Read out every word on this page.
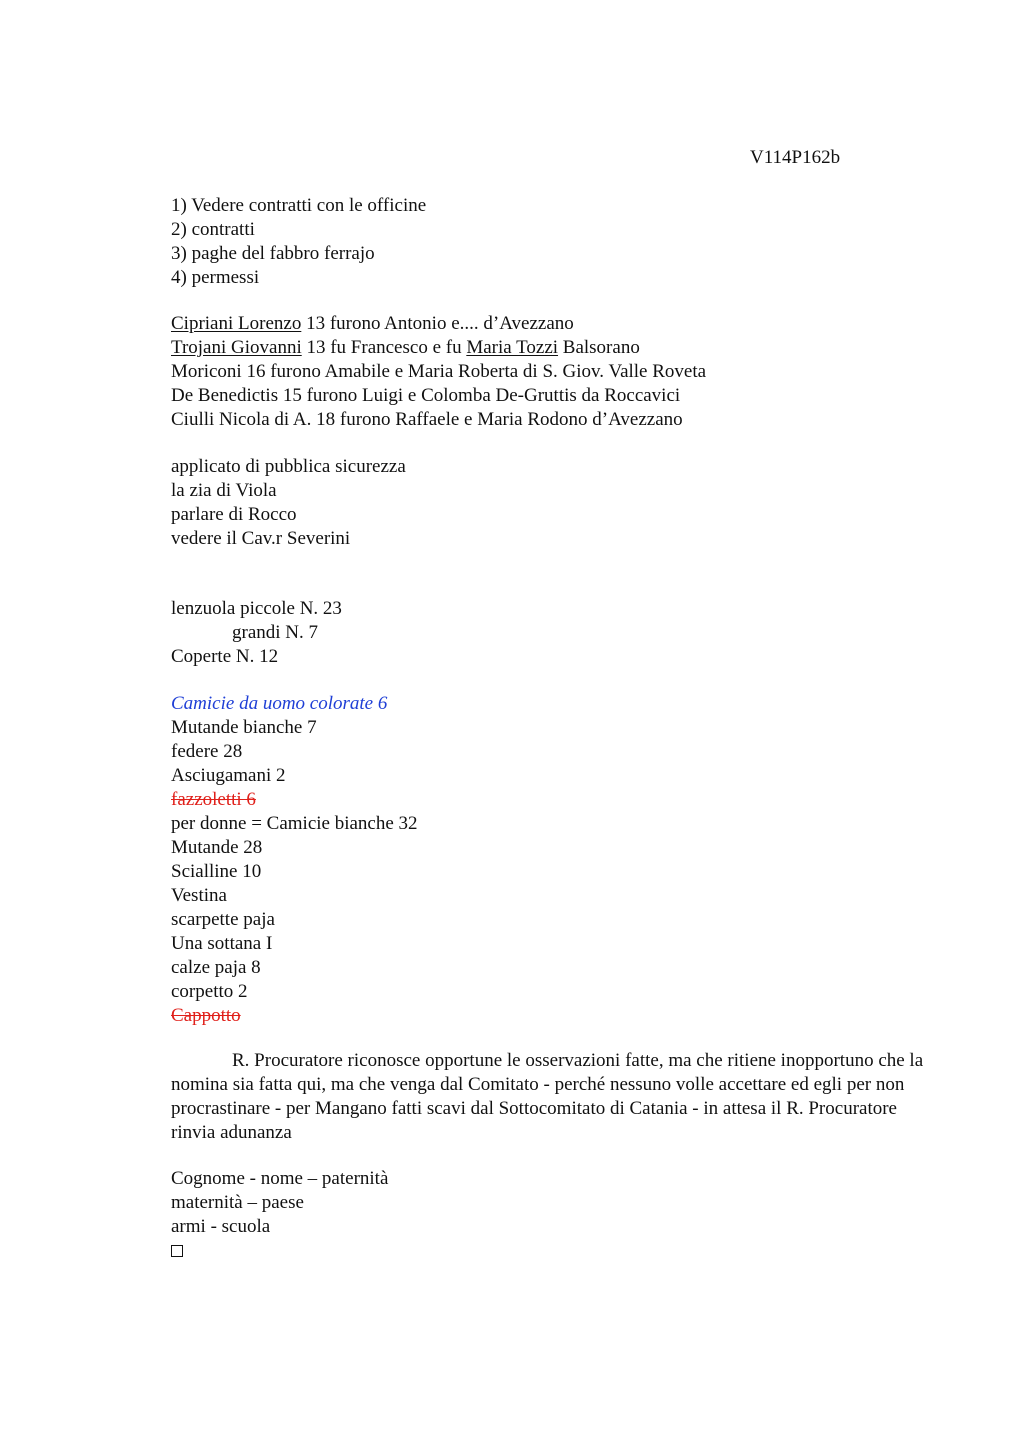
V114P162b
1) Vedere contratti con le officine
2) contratti
3) paghe del fabbro ferrajo
4) permessi
Cipriani Lorenzo 13 furono Antonio e.... d’Avezzano
Trojani Giovanni 13 fu Francesco e fu Maria Tozzi Balsorano
Moriconi 16 furono Amabile e Maria Roberta di S. Giov. Valle Roveta
De Benedictis 15 furono Luigi e Colomba De-Gruttis da Roccavici
Ciulli Nicola di A. 18 furono Raffaele e Maria Rodono d’Avezzano
applicato di pubblica sicurezza
la zia di Viola
parlare di Rocco
vedere il Cav.r Severini
lenzuola piccole N. 23
grandi N. 7
Coperte N. 12
Camicie da uomo colorate 6
Mutande bianche 7
federe 28
Asciugamani 2
fazzoletti 6
per donne = Camicie bianche 32
Mutande 28
Scialline 10
Vestina
scarpette paja
Una sottana I
calze paja 8
corpetto 2
Cappotto
R. Procuratore riconosce opportune le osservazioni fatte, ma che ritiene inopportuno che la nomina sia fatta qui, ma che venga dal Comitato - perché nessuno volle accettare ed egli per non procrastinare - per Mangano fatti scavi dal Sottocomitato di Catania - in attesa il R. Procuratore rinvia adunanza
Cognome - nome – paternità
maternità – paese
armi - scuola
